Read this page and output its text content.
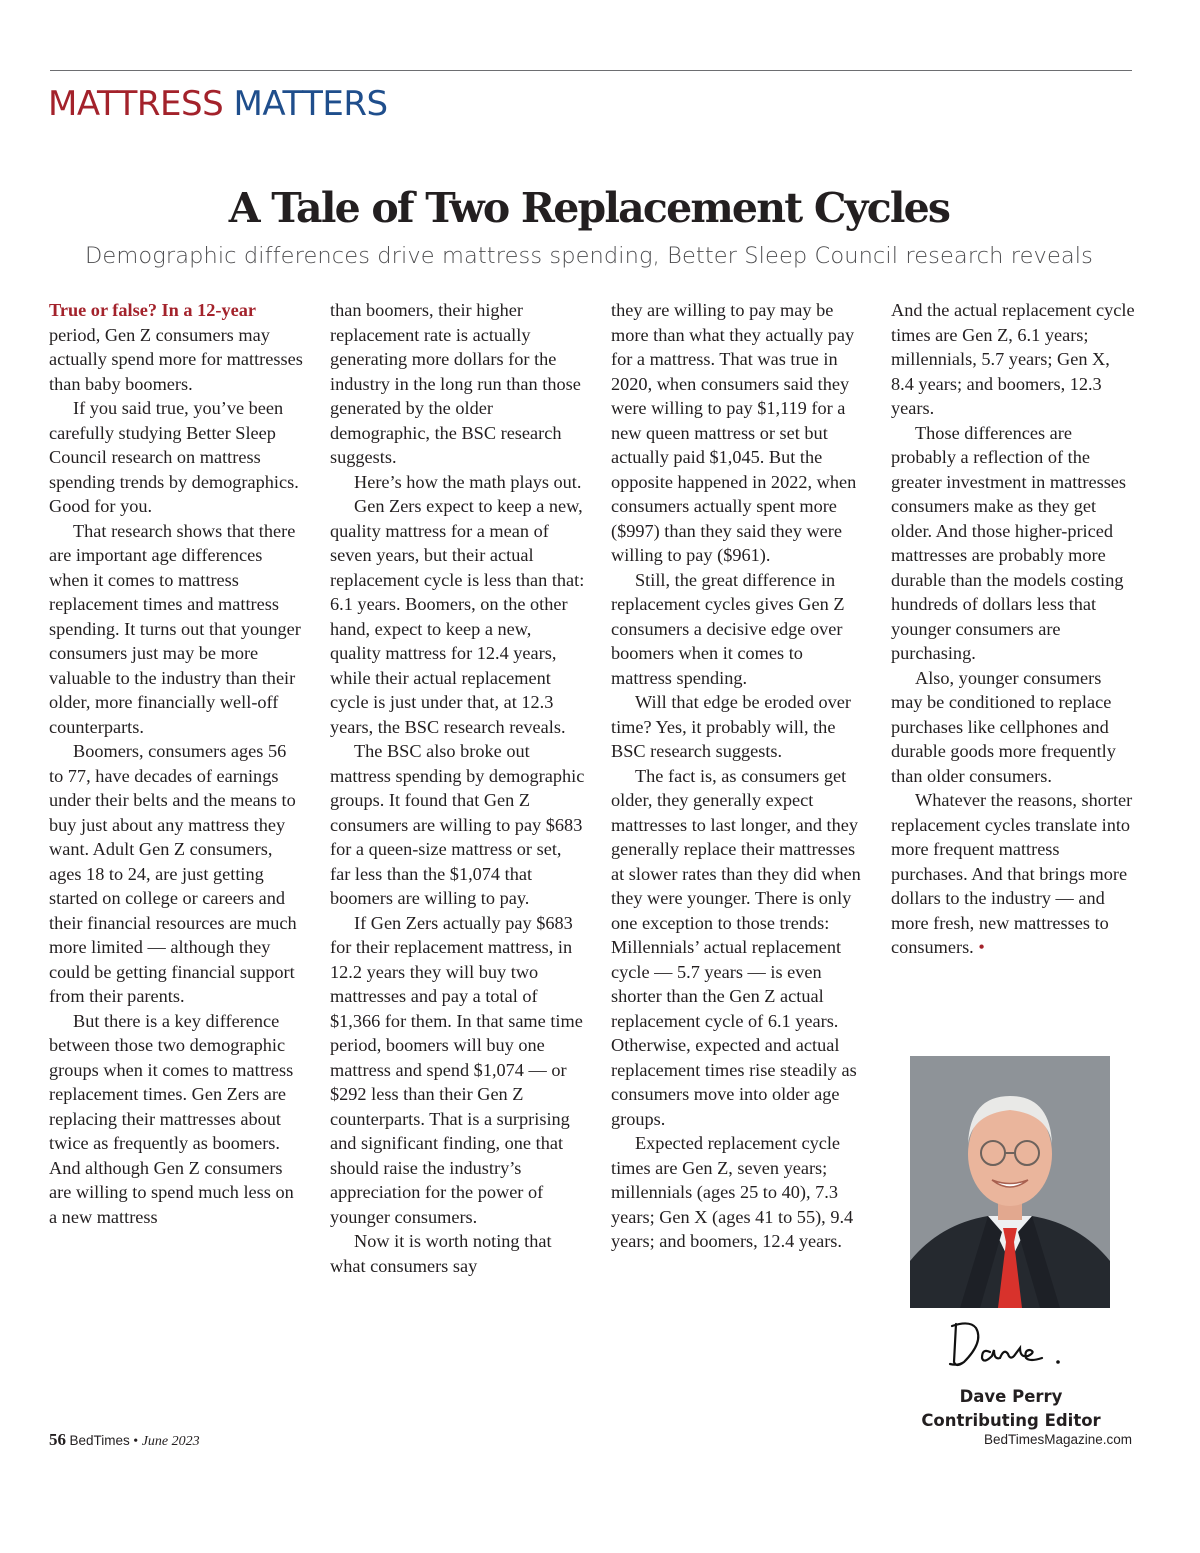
MATTRESS MATTERS
A Tale of Two Replacement Cycles
Demographic differences drive mattress spending, Better Sleep Council research reveals

True or false? In a 12-year period, Gen Z consumers may actually spend more for mattresses than baby boomers.

If you said true, you’ve been carefully studying Better Sleep Council research on mattress spending trends by demographics. Good for you.

That research shows that there are important age differences when it comes to mattress replacement times and mattress spending. It turns out that younger consumers just may be more valuable to the industry than their older, more financially well-off counterparts.

Boomers, consumers ages 56 to 77, have decades of earnings under their belts and the means to buy just about any mattress they want. Adult Gen Z consumers, ages 18 to 24, are just getting started on college or careers and their financial resources are much more limited — although they could be getting financial support from their parents.

But there is a key difference between those two demographic groups when it comes to mattress replacement times. Gen Zers are replacing their mattresses about twice as frequently as boomers. And although Gen Z consumers are willing to spend much less on a new mattress

than boomers, their higher replacement rate is actually generating more dollars for the industry in the long run than those generated by the older demographic, the BSC research suggests.

Here’s how the math plays out.

Gen Zers expect to keep a new, quality mattress for a mean of seven years, but their actual replacement cycle is less than that: 6.1 years. Boomers, on the other hand, expect to keep a new, quality mattress for 12.4 years, while their actual replacement cycle is just under that, at 12.3 years, the BSC research reveals.

The BSC also broke out mattress spending by demographic groups. It found that Gen Z consumers are willing to pay $683 for a queen-size mattress or set, far less than the $1,074 that boomers are willing to pay.

If Gen Zers actually pay $683 for their replacement mattress, in 12.2 years they will buy two mattresses and pay a total of $1,366 for them. In that same time period, boomers will buy one mattress and spend $1,074 — or $292 less than their Gen Z counterparts. That is a surprising and significant finding, one that should raise the industry’s appreciation for the power of younger consumers.

Now it is worth noting that what consumers say

they are willing to pay may be more than what they actually pay for a mattress. That was true in 2020, when consumers said they were willing to pay $1,119 for a new queen mattress or set but actually paid $1,045. But the opposite happened in 2022, when consumers actually spent more ($997) than they said they were willing to pay ($961).

Still, the great difference in replacement cycles gives Gen Z consumers a decisive edge over boomers when it comes to mattress spending.

Will that edge be eroded over time? Yes, it probably will, the BSC research suggests.

The fact is, as consumers get older, they generally expect mattresses to last longer, and they generally replace their mattresses at slower rates than they did when they were younger. There is only one exception to those trends: Millennials’ actual replacement cycle — 5.7 years — is even shorter than the Gen Z actual replacement cycle of 6.1 years. Otherwise, expected and actual replacement times rise steadily as consumers move into older age groups.

Expected replacement cycle times are Gen Z, seven years; millennials (ages 25 to 40), 7.3 years; Gen X (ages 41 to 55), 9.4 years; and boomers, 12.4 years.

And the actual replacement cycle times are Gen Z, 6.1 years; millennials, 5.7 years; Gen X, 8.4 years; and boomers, 12.3 years.

Those differences are probably a reflection of the greater investment in mattresses consumers make as they get older. And those higher-priced mattresses are probably more durable than the models costing hundreds of dollars less that younger consumers are purchasing.

Also, younger consumers may be conditioned to replace purchases like cellphones and durable goods more frequently than older consumers.

Whatever the reasons, shorter replacement cycles translate into more frequent mattress purchases. And that brings more dollars to the industry — and more fresh, new mattresses to consumers. •

Dave Perry
Contributing Editor
56 BedTimes • June 2023	BedTimesMagazine.com
